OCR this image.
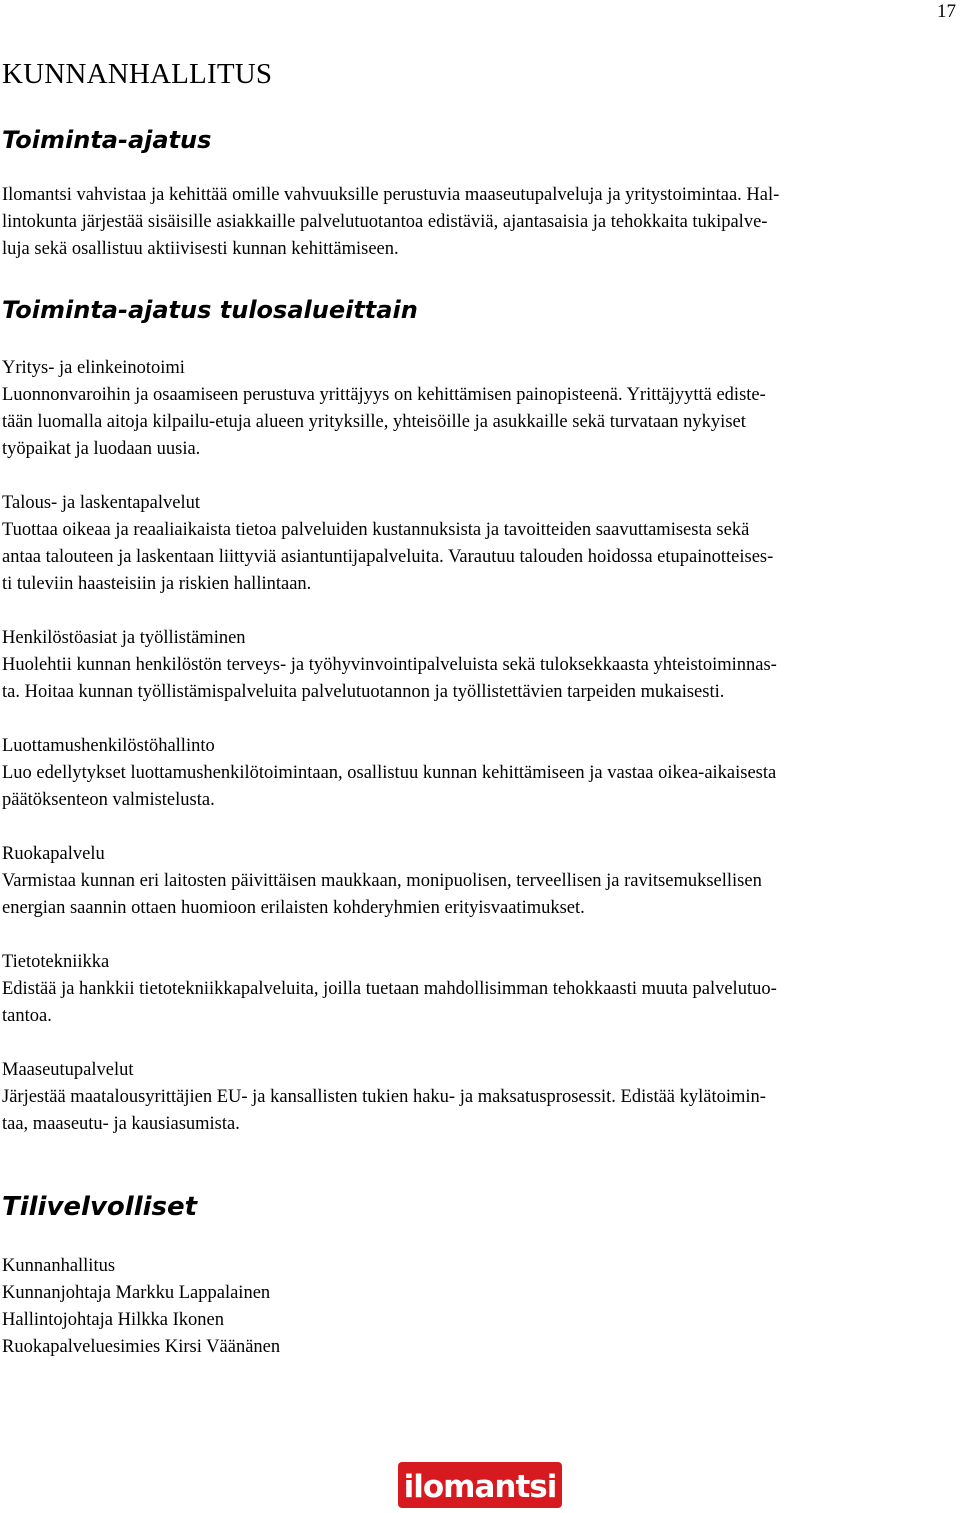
17
KUNNANHALLITUS
Toiminta-ajatus
Ilomantsi vahvistaa ja kehittää omille vahvuuksille perustuvia maaseutupalveluja ja yritystoimintaa. Hal-
lintokunta järjestää sisäisille asiakkaille palvelutuotantoa edistäviä, ajantasaisia ja tehokkaita tukipalve-
luja sekä osallistuu aktiivisesti kunnan kehittämiseen.
Toiminta-ajatus tulosalueittain
Yritys- ja elinkeinotoimi
Luonnonvaroihin ja osaamiseen perustuva yrittäjyys on kehittämisen painopisteenä. Yrittäjyyttä ediste-
tään luomalla aitoja kilpailu-etuja alueen yrityksille, yhteisöille ja asukkaille sekä turvataan nykyiset
työpaikat ja luodaan uusia.
Talous- ja laskentapalvelut
Tuottaa oikeaa ja reaaliaikaista tietoa palveluiden kustannuksista ja tavoitteiden saavuttamisesta sekä
antaa talouteen ja laskentaan liittyviä asiantuntijapalveluita. Varautuu talouden hoidossa etupainotteises-
ti tuleviin haasteisiin ja riskien hallintaan.
Henkilöstöasiat ja työllistäminen
Huolehtii kunnan henkilöstön terveys- ja työhyvinvointipalveluista sekä tuloksekkaasta yhteistoiminnas-
ta. Hoitaa kunnan työllistämispalveluita palvelutuotannon ja työllistettävien tarpeiden mukaisesti.
Luottamushenkilöstöhallinto
Luo edellytykset luottamushenkilötoimintaan, osallistuu kunnan kehittämiseen ja vastaa oikea-aikaisesta
päätöksenteon valmistelusta.
Ruokapalvelu
Varmistaa kunnan eri laitosten päivittäisen maukkaan, monipuolisen, terveellisen ja ravitsemuksellisen
energian saannin ottaen huomioon erilaisten kohderyhmien erityisvaatimukset.
Tietotekniikka
Edistää ja hankkii tietotekniikkapalveluita, joilla tuetaan mahdollisimman tehokkaasti muuta palvelutuo-
tantoa.
Maaseutupalvelut
Järjestää maatalousyrittäjien EU- ja kansallisten tukien haku- ja maksatusprosessit. Edistää kylätoimin-
taa, maaseutu- ja kausiasumista.
Tilivelvolliset
Kunnanhallitus
Kunnanjohtaja Markku Lappalainen
Hallintojohtaja Hilkka Ikonen
Ruokapalveluesimies Kirsi Väänänen
ilomantsi
